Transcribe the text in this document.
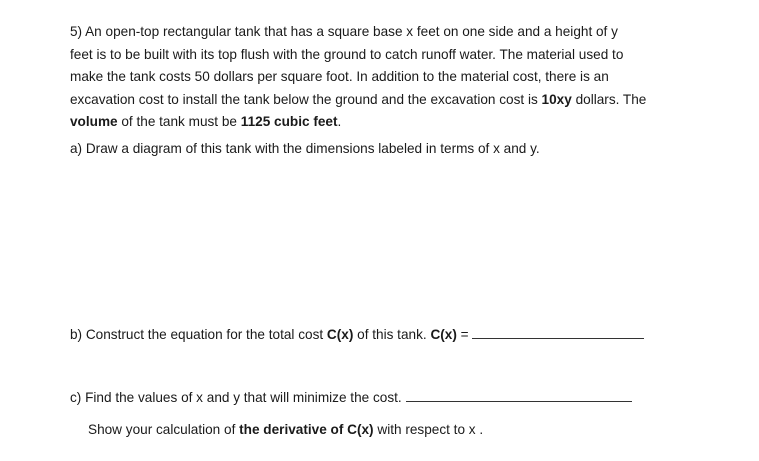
5) An open-top rectangular tank that has a square base x feet on one side and a height of y
feet is to be built with its top flush with the ground to catch runoff water. The material used to
make the tank costs 50 dollars per square foot. In addition to the material cost, there is an
excavation cost to install the tank below the ground and the excavation cost is 10xy dollars. The
volume of the tank must be 1125 cubic feet.
a) Draw a diagram of this tank with the dimensions labeled in terms of x and y.
b) Construct the equation for the total cost C(x) of this tank. C(x) =
c) Find the values of x and y that will minimize the cost.
Show your calculation of the derivative of C(x) with respect to x .
